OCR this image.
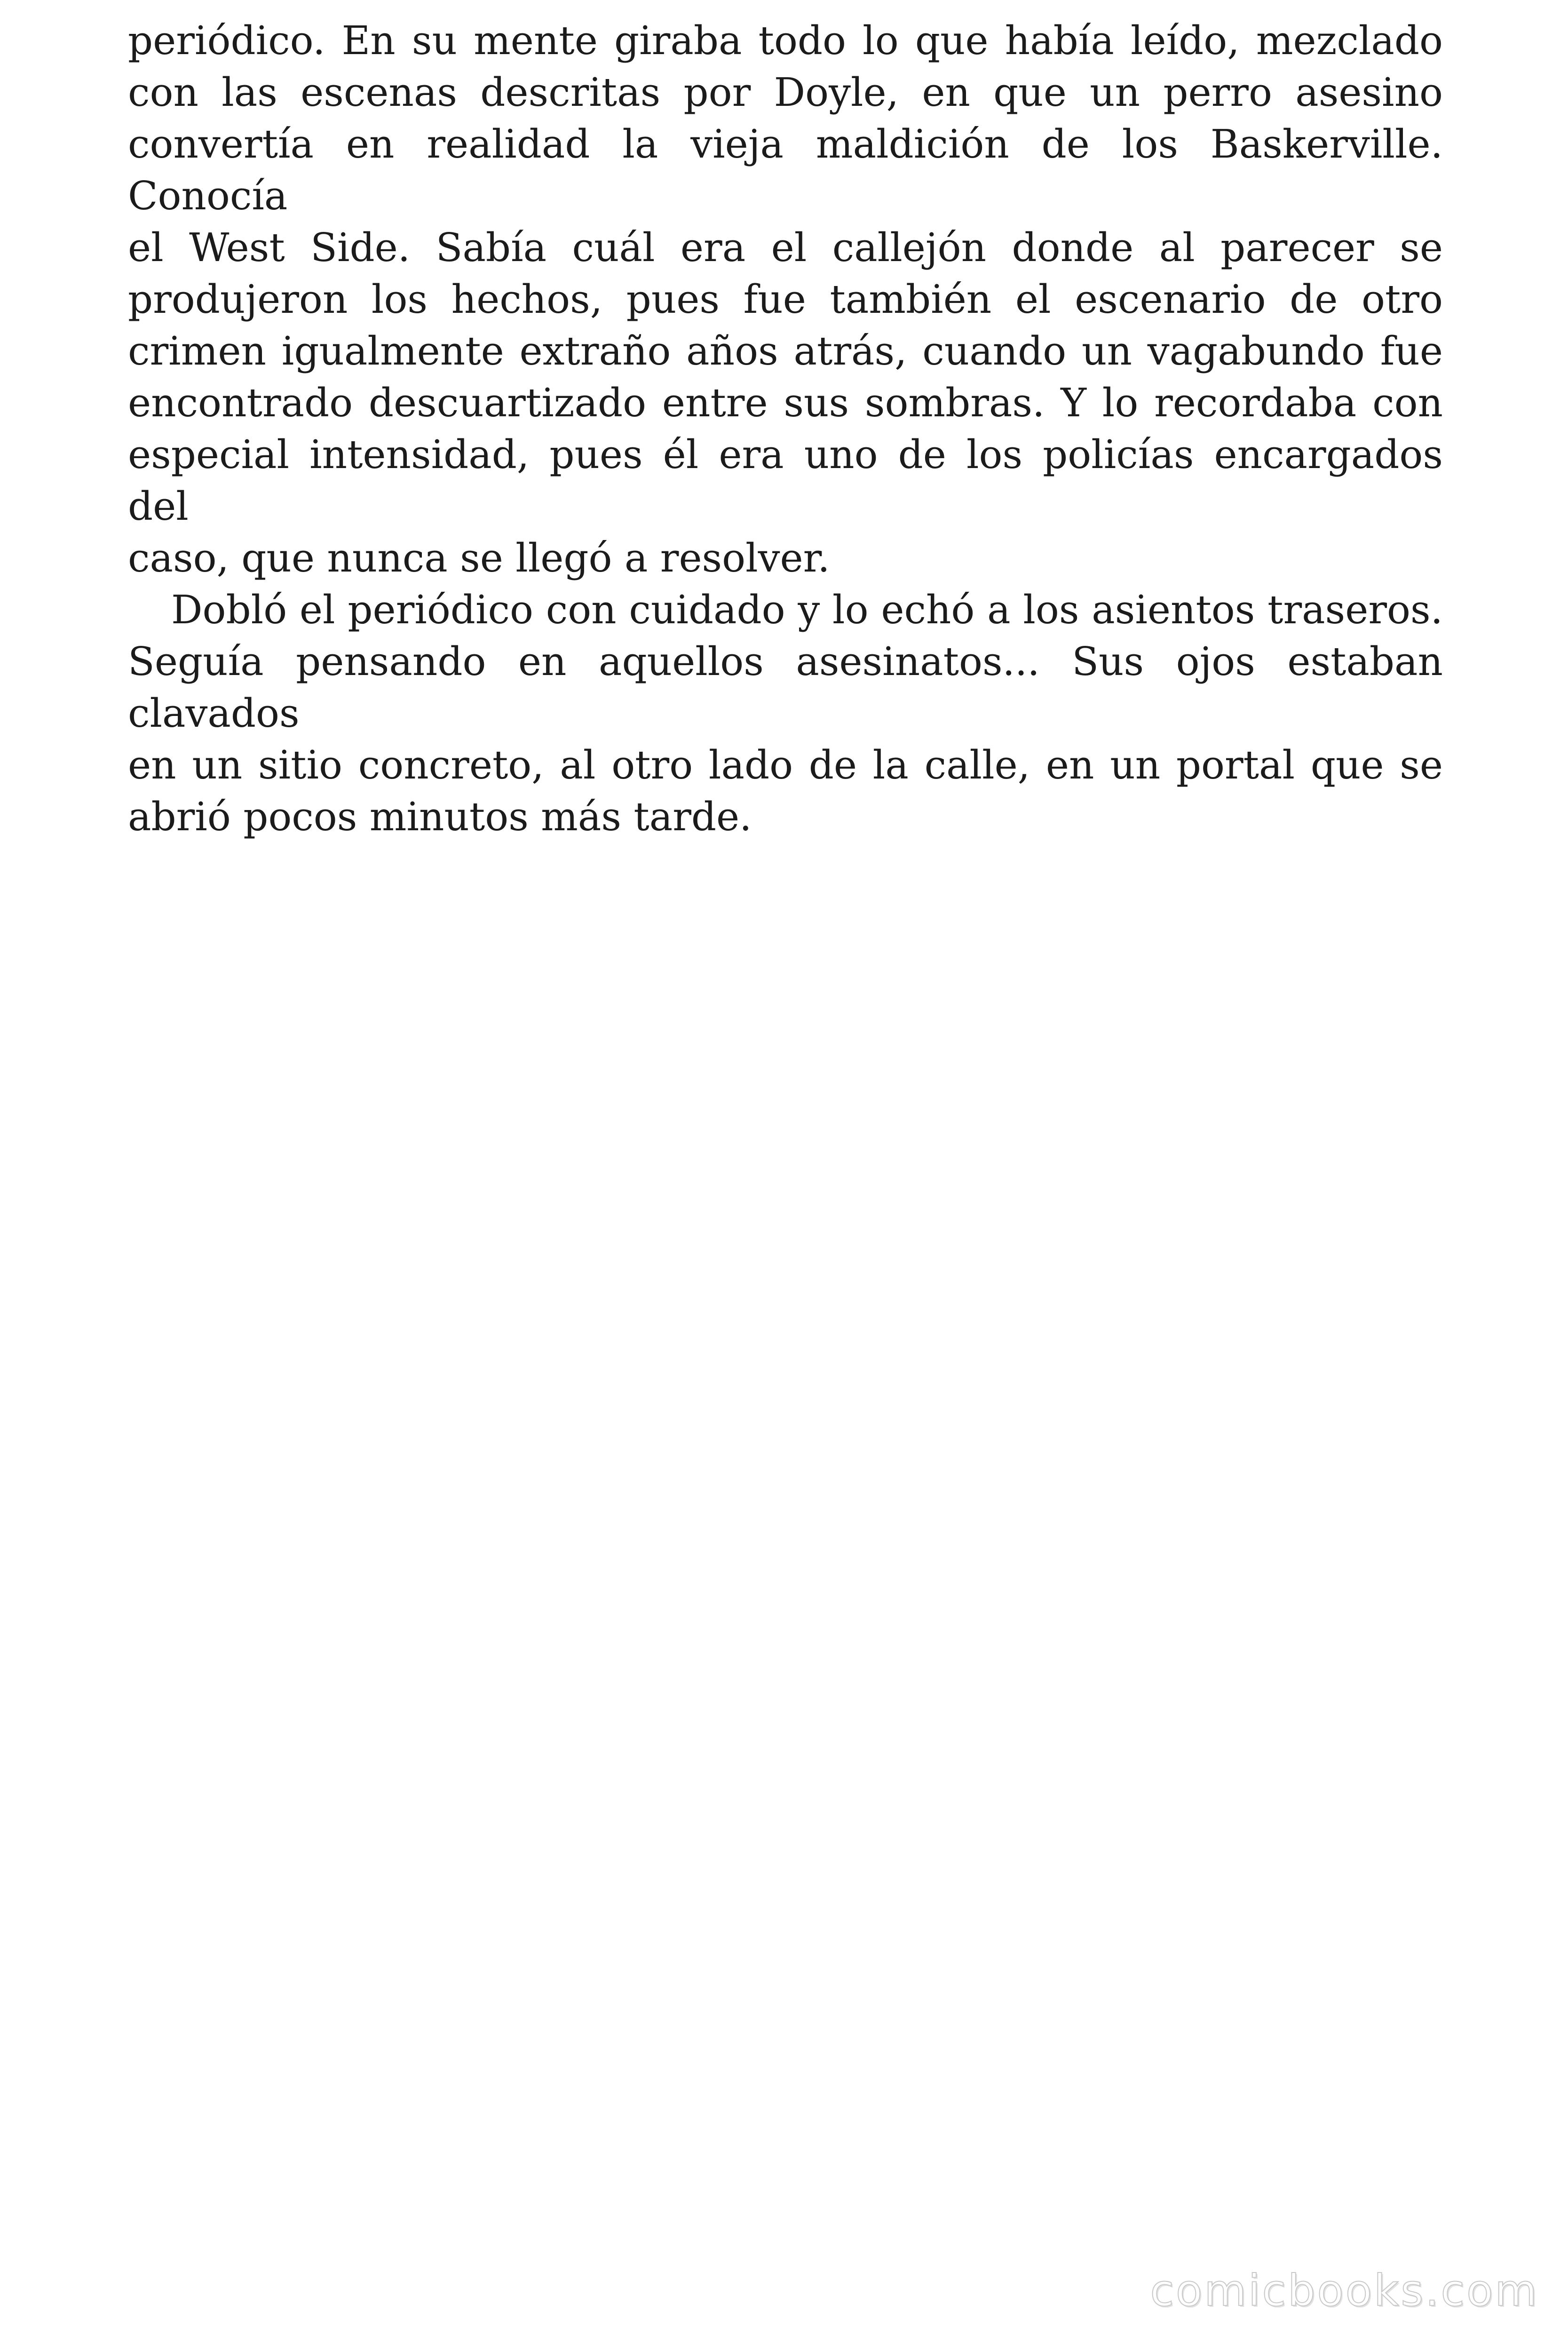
periódico. En su mente giraba todo lo que había leído, mezclado

con las escenas descritas por Doyle, en que un perro asesino

convertía en realidad la vieja maldición de los Baskerville. Conocía

el West Side. Sabía cuál era el callejón donde al parecer se

produjeron los hechos, pues fue también el escenario de otro

crimen igualmente extraño años atrás, cuando un vagabundo fue

encontrado descuartizado entre sus sombras. Y lo recordaba con

especial intensidad, pues él era uno de los policías encargados del

caso, que nunca se llegó a resolver.

Dobló el periódico con cuidado y lo echó a los asientos traseros.

Seguía pensando en aquellos asesinatos... Sus ojos estaban clavados

en un sitio concreto, al otro lado de la calle, en un portal que se

abrió pocos minutos más tarde.

comicbooks.com
